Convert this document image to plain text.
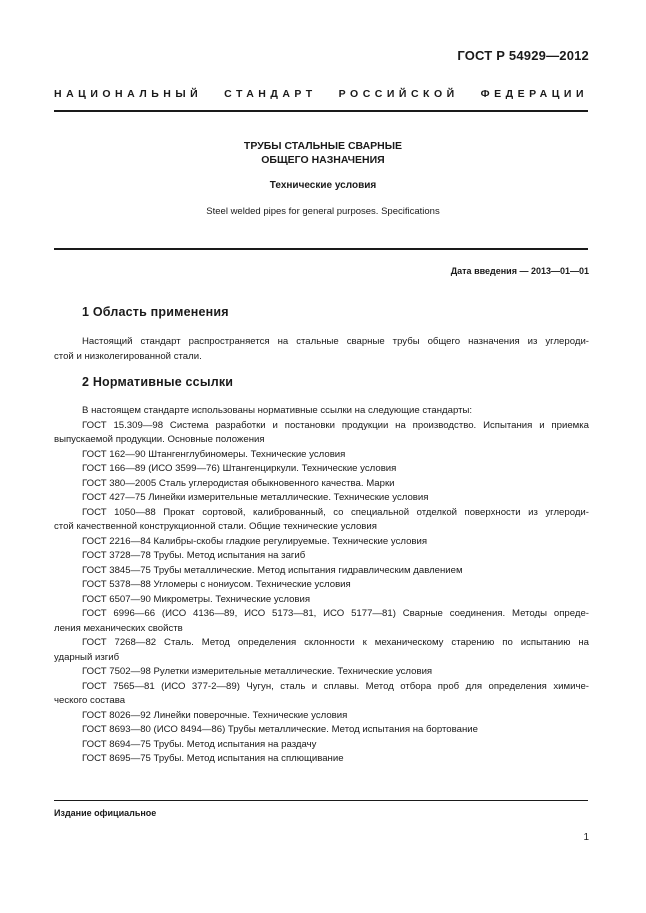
ГОСТ Р 54929—2012
НАЦИОНАЛЬНЫЙ СТАНДАРТ РОССИЙСКОЙ ФЕДЕРАЦИИ
ТРУБЫ СТАЛЬНЫЕ СВАРНЫЕ
ОБЩЕГО НАЗНАЧЕНИЯ
Технические условия
Steel welded pipes for general purposes. Specifications
Дата введения — 2013—01—01
1 Область применения
Настоящий стандарт распространяется на стальные сварные трубы общего назначения из углероди-
стой и низколегированной стали.
2 Нормативные ссылки
В настоящем стандарте использованы нормативные ссылки на следующие стандарты:
ГОСТ 15.309—98 Система разработки и постановки продукции на производство. Испытания и приемка
выпускаемой продукции. Основные положения
ГОСТ 162—90 Штангенглубиномеры. Технические условия
ГОСТ 166—89 (ИСО 3599—76) Штангенциркули. Технические условия
ГОСТ 380—2005 Сталь углеродистая обыкновенного качества. Марки
ГОСТ 427—75 Линейки измерительные металлические. Технические условия
ГОСТ 1050—88 Прокат сортовой, калиброванный, со специальной отделкой поверхности из углероди-
стой качественной конструкционной стали. Общие технические условия
ГОСТ 2216—84 Калибры-скобы гладкие регулируемые. Технические условия
ГОСТ 3728—78 Трубы. Метод испытания на загиб
ГОСТ 3845—75 Трубы металлические. Метод испытания гидравлическим давлением
ГОСТ 5378—88 Угломеры с нониусом. Технические условия
ГОСТ 6507—90 Микрометры. Технические условия
ГОСТ 6996—66 (ИСО 4136—89, ИСО 5173—81, ИСО 5177—81) Сварные соединения. Методы опреде-
ления механических свойств
ГОСТ 7268—82 Сталь. Метод определения склонности к механическому старению по испытанию на
ударный изгиб
ГОСТ 7502—98 Рулетки измерительные металлические. Технические условия
ГОСТ 7565—81 (ИСО 377-2—89) Чугун, сталь и сплавы. Метод отбора проб для определения химиче-
ческого состава
ГОСТ 8026—92 Линейки поверочные. Технические условия
ГОСТ 8693—80 (ИСО 8494—86) Трубы металлические. Метод испытания на бортование
ГОСТ 8694—75 Трубы. Метод испытания на раздачу
ГОСТ 8695—75 Трубы. Метод испытания на сплющивание
Издание официальное
1
